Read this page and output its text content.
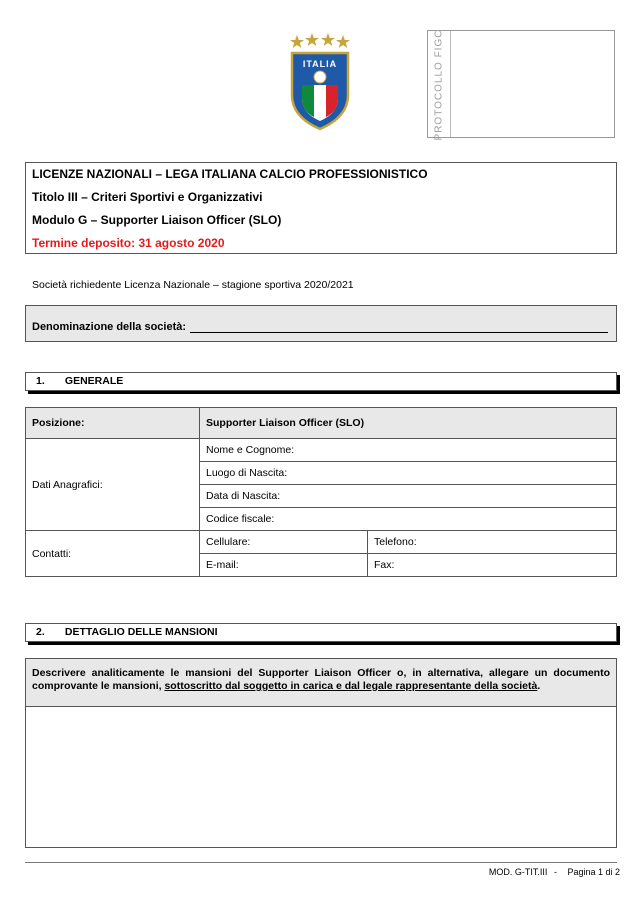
ITALIA	PROTOCOLLO FIGC
LICENZE NAZIONALI – LEGA ITALIANA CALCIO PROFESSIONISTICO
Titolo III – Criteri Sportivi e Organizzativi
Modulo G – Supporter Liaison Officer (SLO)
Termine deposito: 31 agosto 2020
Società richiedente Licenza Nazionale – stagione sportiva 2020/2021
Denominazione della società:
1. GENERALE
Posizione:	Supporter Liaison Officer (SLO)	
Dati Anagrafici:	Nome e Cognome:	
	Luogo di Nascita:	
	Data di Nascita:	
	Codice fiscale:	
Contatti:	Cellulare:	Telefono:
	E-mail:	Fax:
2. DETTAGLIO DELLE MANSIONI
Descrivere analiticamente le mansioni del Supporter Liaison Officer o, in alternativa, allegare un documento comprovante le mansioni, sottoscritto dal soggetto in carica e dal legale rappresentante della società.
MOD. G-TIT.III - Pagina 1 di 2
